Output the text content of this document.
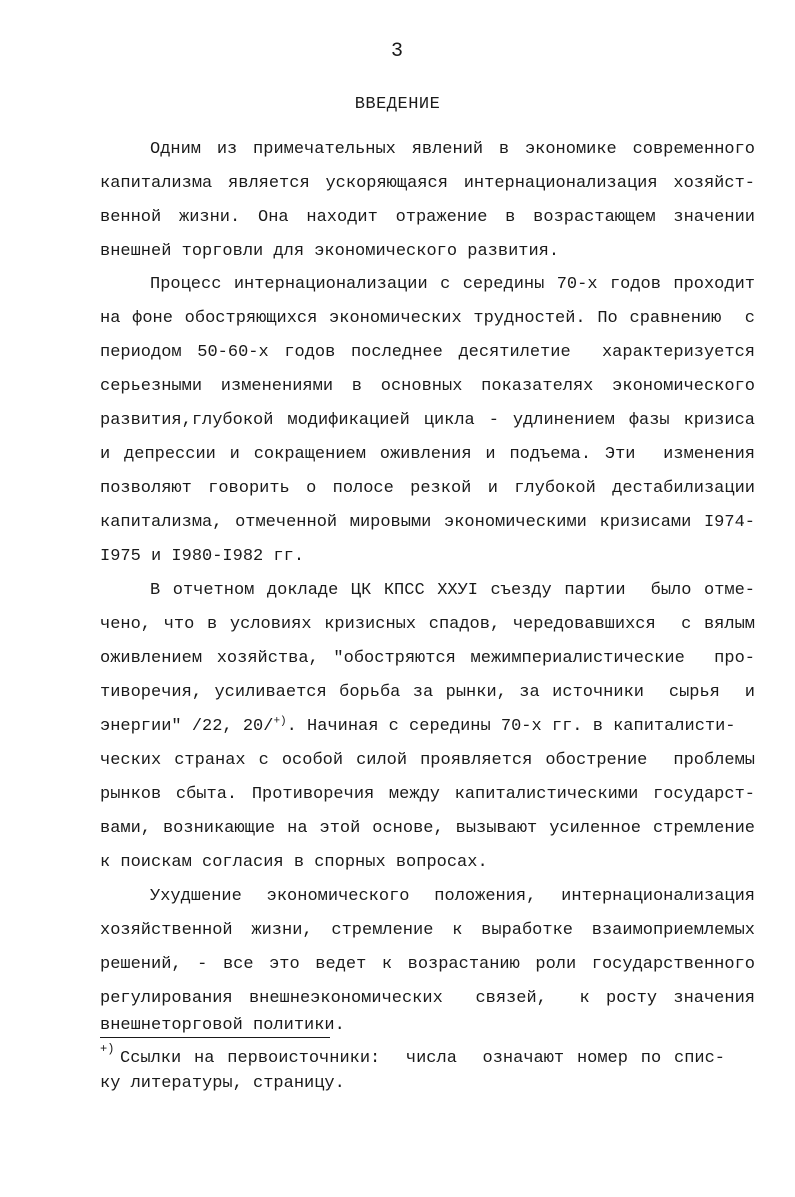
3
ВВЕДЕНИЕ
Одним из примечательных явлений в экономике современного
капитализма является ускоряющаяся интернационализация хозяйст-
венной жизни. Она находит отражение в возрастающем значении
внешней торговли для экономического развития.
Процесс интернационализации с середины 70-х годов проходит
на фоне обостряющихся экономических трудностей. По сравнению  с
периодом 50-60-х годов последнее десятилетие  характеризуется
серьезными изменениями в основных показателях экономического
развития,глубокой модификацией цикла - удлинением фазы кризиса
и депрессии и сокращением оживления и подъема. Эти  изменения
позволяют говорить о полосе резкой и глубокой дестабилизации
капитализма, отмеченной мировыми экономическими кризисами I974-
I975 и I980-I982 гг.
В отчетном докладе ЦК КПСС ХХУI съезду партии  было отме-
чено, что в условиях кризисных спадов, чередовавшихся  с вялым
оживлением хозяйства, "обостряются межимпериалистические  про-
тиворечия, усиливается борьба за рынки, за источники  сырья  и
энергии" /22, 20/+). Начиная с середины 70-х гг. в капиталисти-
ческих странах с особой силой проявляется обострение  проблемы
рынков сбыта. Противоречия между капиталистическими государст-
вами, возникающие на этой основе, вызывают усиленное стремление
к поискам согласия в спорных вопросах.
Ухудшение экономического положения, интернационализация
хозяйственной жизни, стремление к выработке взаимоприемлемых
решений, - все это ведет к возрастанию роли государственного
регулирования внешнеэкономических  связей,  к росту значения
внешнеторговой политики.
+) Ссылки на первоисточники:  числа  означают номер по спис-
ку литературы, страницу.
